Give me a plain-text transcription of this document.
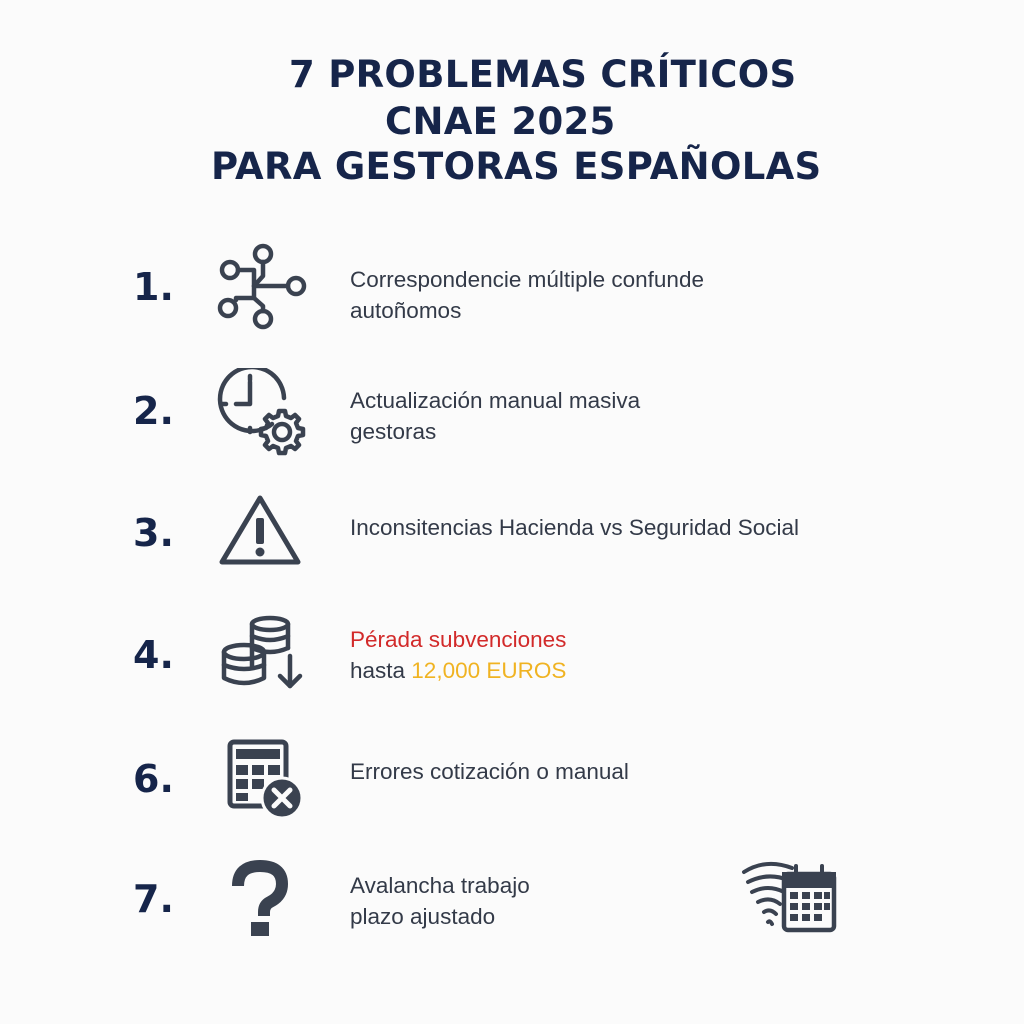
7 PROBLEMAS CRÍTICOS
CNAE 2025
PARA GESTORAS ESPAÑOLAS
1.	Correspondencie múltiple confunde
autoñomos
2.	Actualización manual masiva
gestoras
3.	Inconsitencias Hacienda vs Seguridad Social
4.	Pérada subvenciones
hasta 12,000 EUROS
6.	Errores cotización o manual
7.	Avalancha trabajo
plazo ajustado
